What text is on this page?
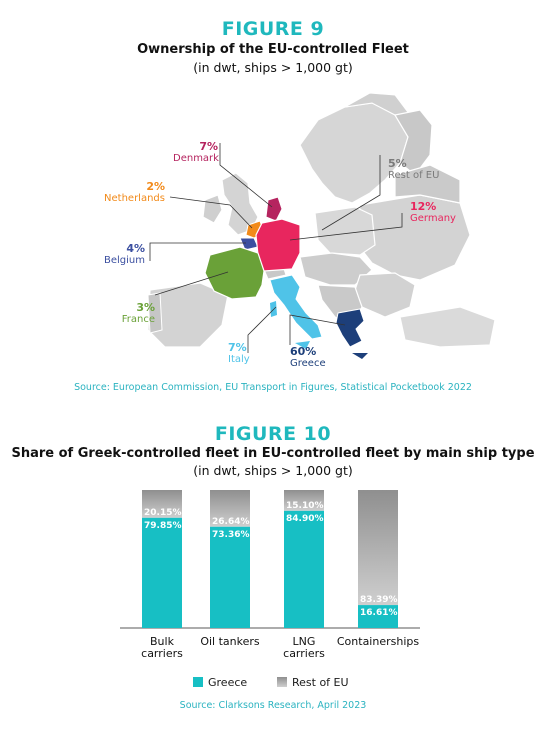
FIGURE 9
Ownership of the EU-controlled Fleet
(in dwt, ships > 1,000 gt)
7%
Denmark
2%
Netherlands
4%
Belgium
3%
France
7%
Italy
60%
Greece
12%
Germany
5%
Rest of EU
Source: European Commission, EU Transport in Figures, Statistical Pocketbook 2022
FIGURE 10
Share of Greek-controlled fleet in EU-controlled fleet by main ship type
(in dwt, ships > 1,000 gt)
20.15%
79.85%
Bulk carriers
26.64%
73.36%
Oil tankers
15.10%
84.90%
LNG carriers
83.39%
16.61%
Containerships
Greece	Rest of EU
Source: Clarksons Research, April 2023
